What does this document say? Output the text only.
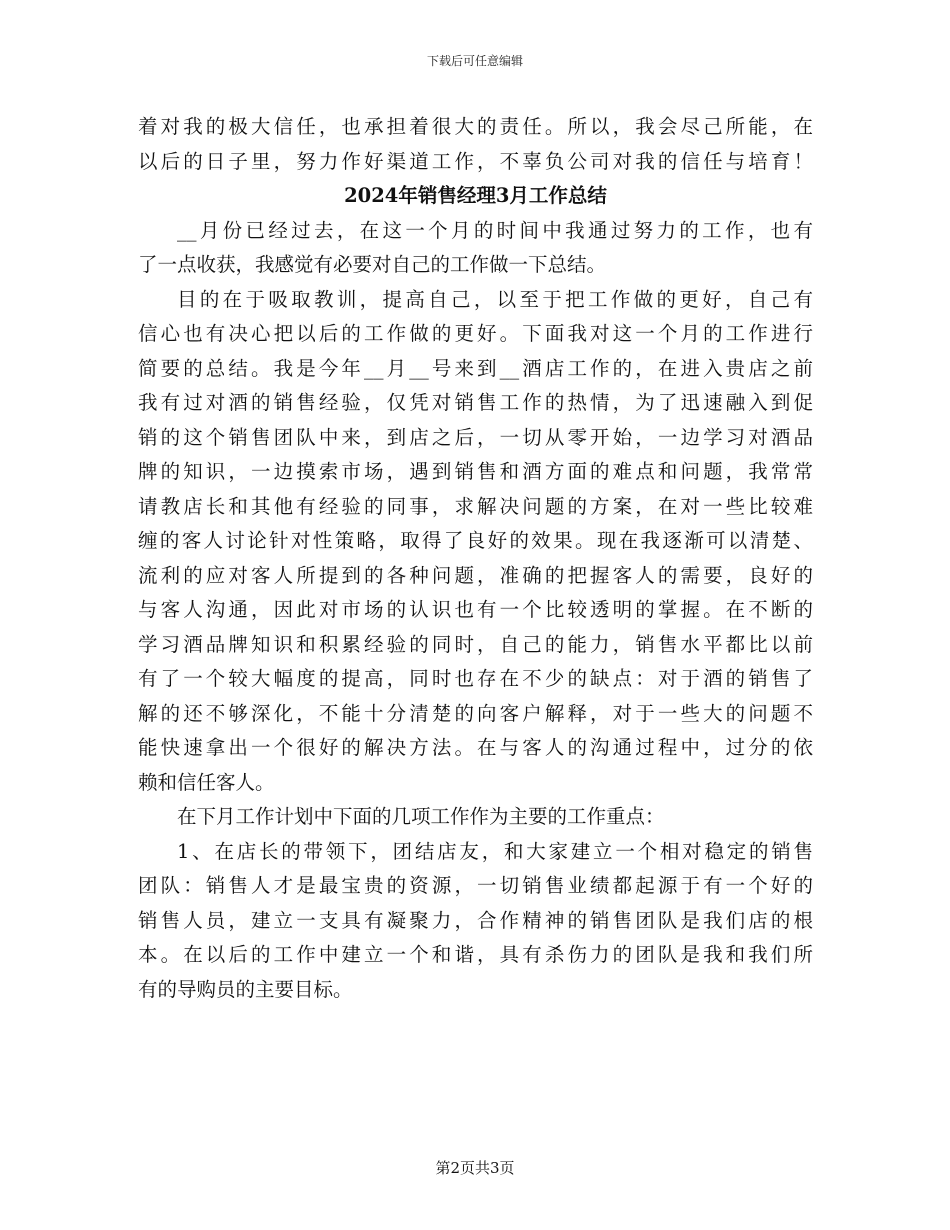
下载后可任意编辑
着对我的极大信任，也承担着很大的责任。所以，我会尽己所能，在
以后的日子里，努力作好渠道工作，不辜负公司对我的信任与培育！
2024年销售经理3月工作总结
__月份已经过去，在这一个月的时间中我通过努力的工作，也有
了一点收获，我感觉有必要对自己的工作做一下总结。
目的在于吸取教训，提高自己，以至于把工作做的更好，自己有
信心也有决心把以后的工作做的更好。下面我对这一个月的工作进行
简要的总结。我是今年__月__号来到__酒店工作的，在进入贵店之前
我有过对酒的销售经验，仅凭对销售工作的热情，为了迅速融入到促
销的这个销售团队中来，到店之后，一切从零开始，一边学习对酒品
牌的知识，一边摸索市场，遇到销售和酒方面的难点和问题，我常常
请教店长和其他有经验的同事，求解决问题的方案，在对一些比较难
缠的客人讨论针对性策略，取得了良好的效果。现在我逐渐可以清楚、
流利的应对客人所提到的各种问题，准确的把握客人的需要，良好的
与客人沟通，因此对市场的认识也有一个比较透明的掌握。在不断的
学习酒品牌知识和积累经验的同时，自己的能力，销售水平都比以前
有了一个较大幅度的提高，同时也存在不少的缺点：对于酒的销售了
解的还不够深化，不能十分清楚的向客户解释，对于一些大的问题不
能快速拿出一个很好的解决方法。在与客人的沟通过程中，过分的依
赖和信任客人。
在下月工作计划中下面的几项工作作为主要的工作重点：
1、在店长的带领下，团结店友，和大家建立一个相对稳定的销售
团队：销售人才是最宝贵的资源，一切销售业绩都起源于有一个好的
销售人员，建立一支具有凝聚力，合作精神的销售团队是我们店的根
本。在以后的工作中建立一个和谐，具有杀伤力的团队是我和我们所
有的导购员的主要目标。
第2页共3页
